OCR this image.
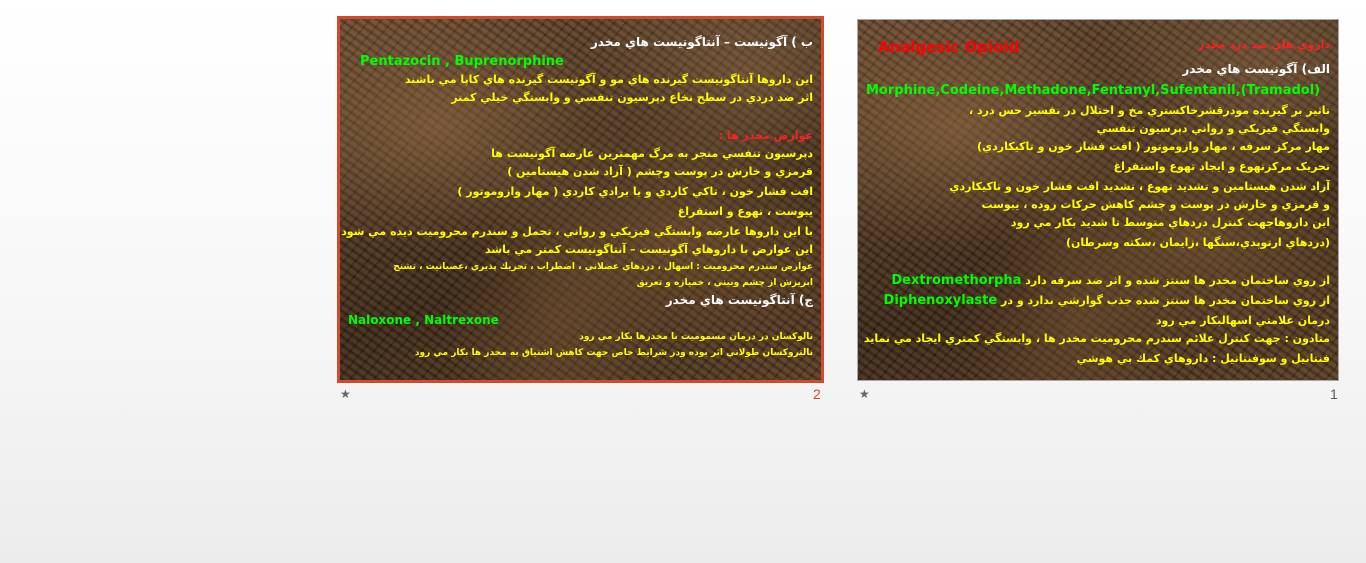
ب ) آگونيست – آنتاگونيست هاي مخدر
Pentazocin , Buprenorphine
اين داروها آنتاگونيست گيرنده هاي مو و آگونيست گيرنده هاي کاپا مي باشند
اثر ضد دردي در سطح نخاع دپرسيون تنفسي و وابستگي خيلي کمتر
عوارض مخدر ها :
دپرسيون تنفسي منجر به مرگ مهمترين عارضه آگونيست ها
قرمزي و خارش در پوست وچشم ( آزاد شدن هيستامين )
افت فشار خون ، تاکي کاردي و يا برادي کاردي ( مهار وازوموتور )
يبوست ، تهوع و استفراغ
با اين داروها عارضه وابستگي فيزيکي و رواني ، تحمل و سندرم محروميت ديده مي شود
اين عوارض با داروهاي آگونيست – آنتاگونيست کمتر مي باشد
عوارض سندرم محروميت : اسهال ، دردهاي عضلاني ، اضطراب ، تحريك پذيري ،عصبانيت ، تشنج
ابريزش از چشم وبيني ، خميازه و تعريق
ج) آنتاگونيست هاي مخدر
Naloxone , Naltrexone
نالوکسان در درمان مسموميت با مخدرها بکار مي رود
نالتروکسان طولاني اثر بوده ودر شرايط خاص جهت کاهش اشتياق به مخدر ها بکار مي رود
★	2
Analgesic Opioid	داروي هاي ضد درد مخدر
الف) آگونيست هاي مخدر
Morphine,Codeine,Methadone,Fentanyl,Sufentanil,(Tramadol)
تاثير بر گيرنده مودرقشرخاکستري مخ و اختلال در تفسير حس درد ،
وابستگي فيزيکي و رواني دپرسيون تنفسي
مهار مرکز سرفه ، مهار وازوموتور ( افت فشار خون و تاکيکاردي)
تحريک مرکزتهوع و ايجاد تهوع واستفراغ
آزاد شدن هيستامين و تشديد تهوع ، تشديد افت فشار خون و تاکيکاردي
و قرمزي و خارش در پوست و چشم کاهش حرکات روده ، يبوست
اين داروهاجهت کنترل دردهاي متوسط تا شديد بکار مي رود
(دردهاي ارتوپدي،سنگها ،زايمان ،سکته وسرطان)
Dextromethorpha از روي ساختمان مخدر ها سنتز شده و اثر ضد سرفه دارد
Diphenoxylaste از روي ساختمان مخدر ها سنتز شده جذب گوارشي ندارد و در
درمان علامتي اسهالبکار مي رود
متادون : جهت کنترل علائم سندرم محروميت مخدر ها ، وابستگي کمتري ايجاد مي نمايد
فنتانيل و سوفنتانيل : داروهاي کمك بي هوشي
★	1
